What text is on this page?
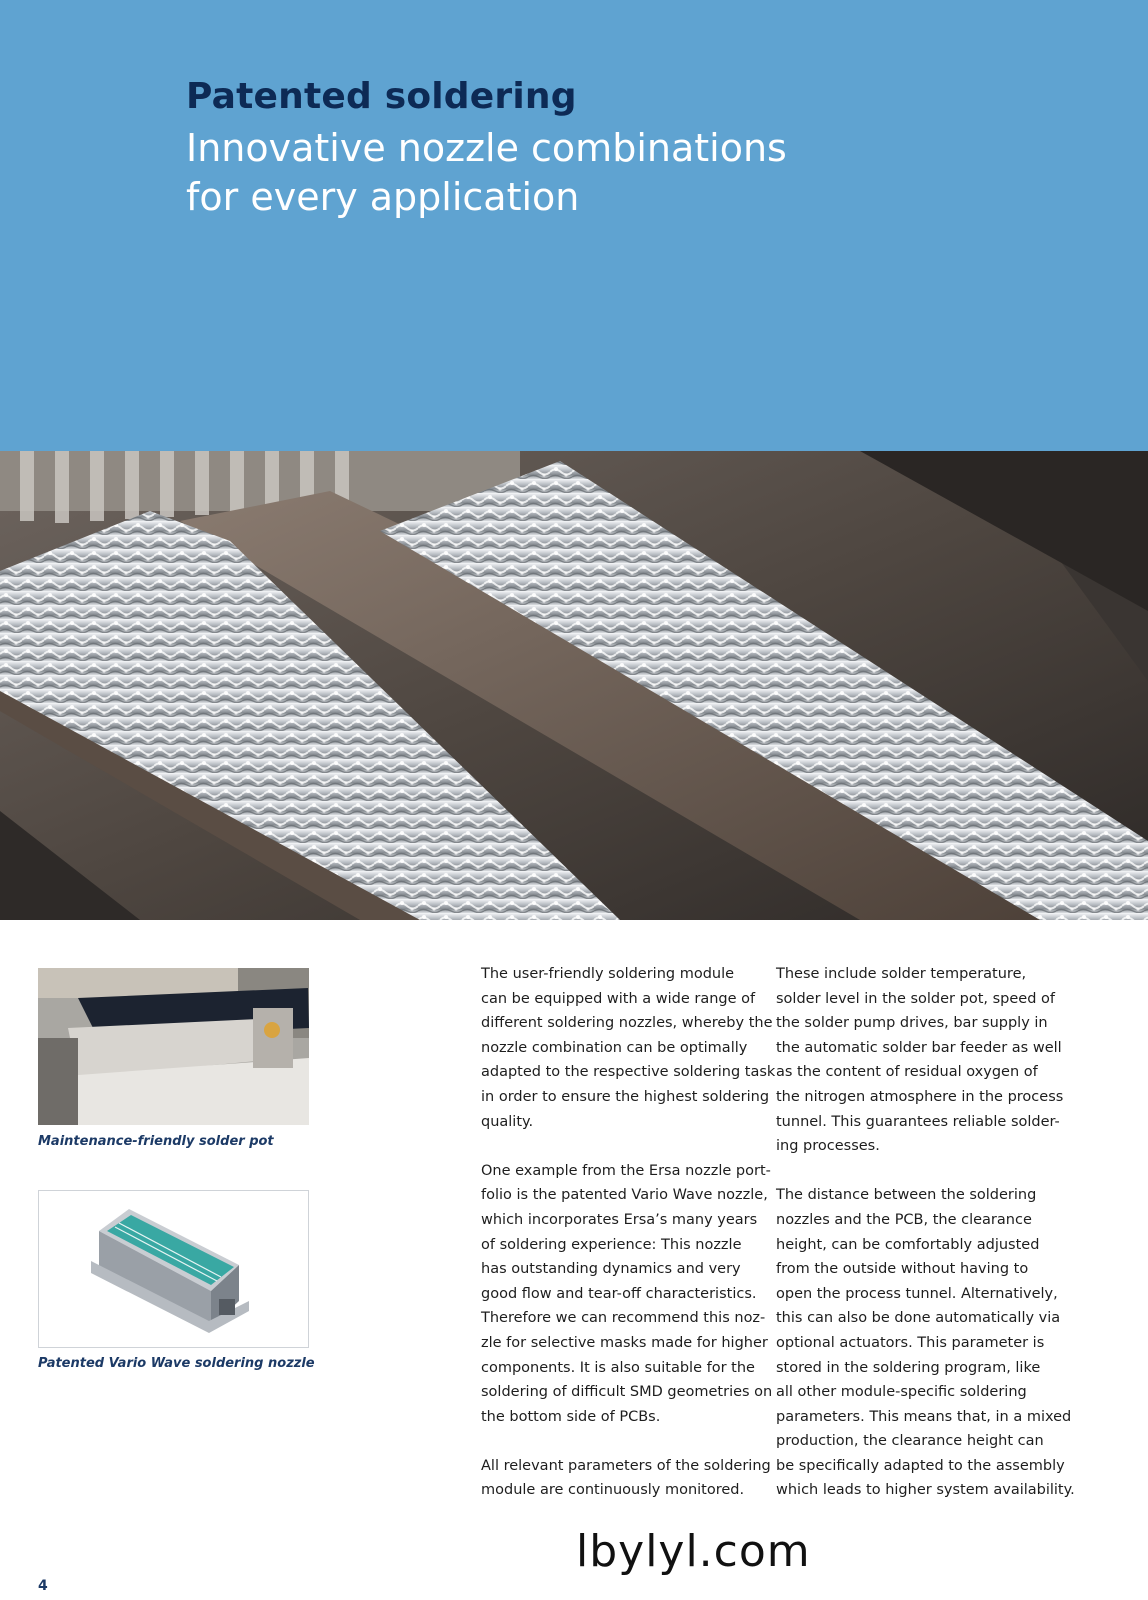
Patented soldering
Innovative nozzle combinations
for every application
Maintenance-friendly solder pot
Patented Vario Wave soldering nozzle

The user-friendly soldering module
can be equipped with a wide range of
different soldering nozzles, whereby the
nozzle combination can be optimally
adapted to the respective soldering task
in order to ensure the highest soldering
quality.

One example from the Ersa nozzle port-
folio is the patented Vario Wave nozzle,
which incorporates Ersa’s many years
of soldering experience: This nozzle
has outstanding dynamics and very
good flow and tear-off characteristics.
Therefore we can recommend this noz-
zle for selective masks made for higher
components. It is also suitable for the
soldering of difficult SMD geometries on
the bottom side of PCBs.

All relevant parameters of the soldering
module are continuously monitored.

These include solder temperature,
solder level in the solder pot, speed of
the solder pump drives, bar supply in
the automatic solder bar feeder as well
as the content of residual oxygen of
the nitrogen atmosphere in the process
tunnel. This guarantees reliable solder-
ing processes.

The distance between the soldering
nozzles and the PCB, the clearance
height, can be comfortably adjusted
from the outside without having to
open the process tunnel. Alternatively,
this can also be done automatically via
optional actuators. This parameter is
stored in the soldering program, like
all other module-specific soldering
parameters. This means that, in a mixed
production, the clearance height can
be specifically adapted to the assembly
which leads to higher system availability.

lbylyl.com
4
